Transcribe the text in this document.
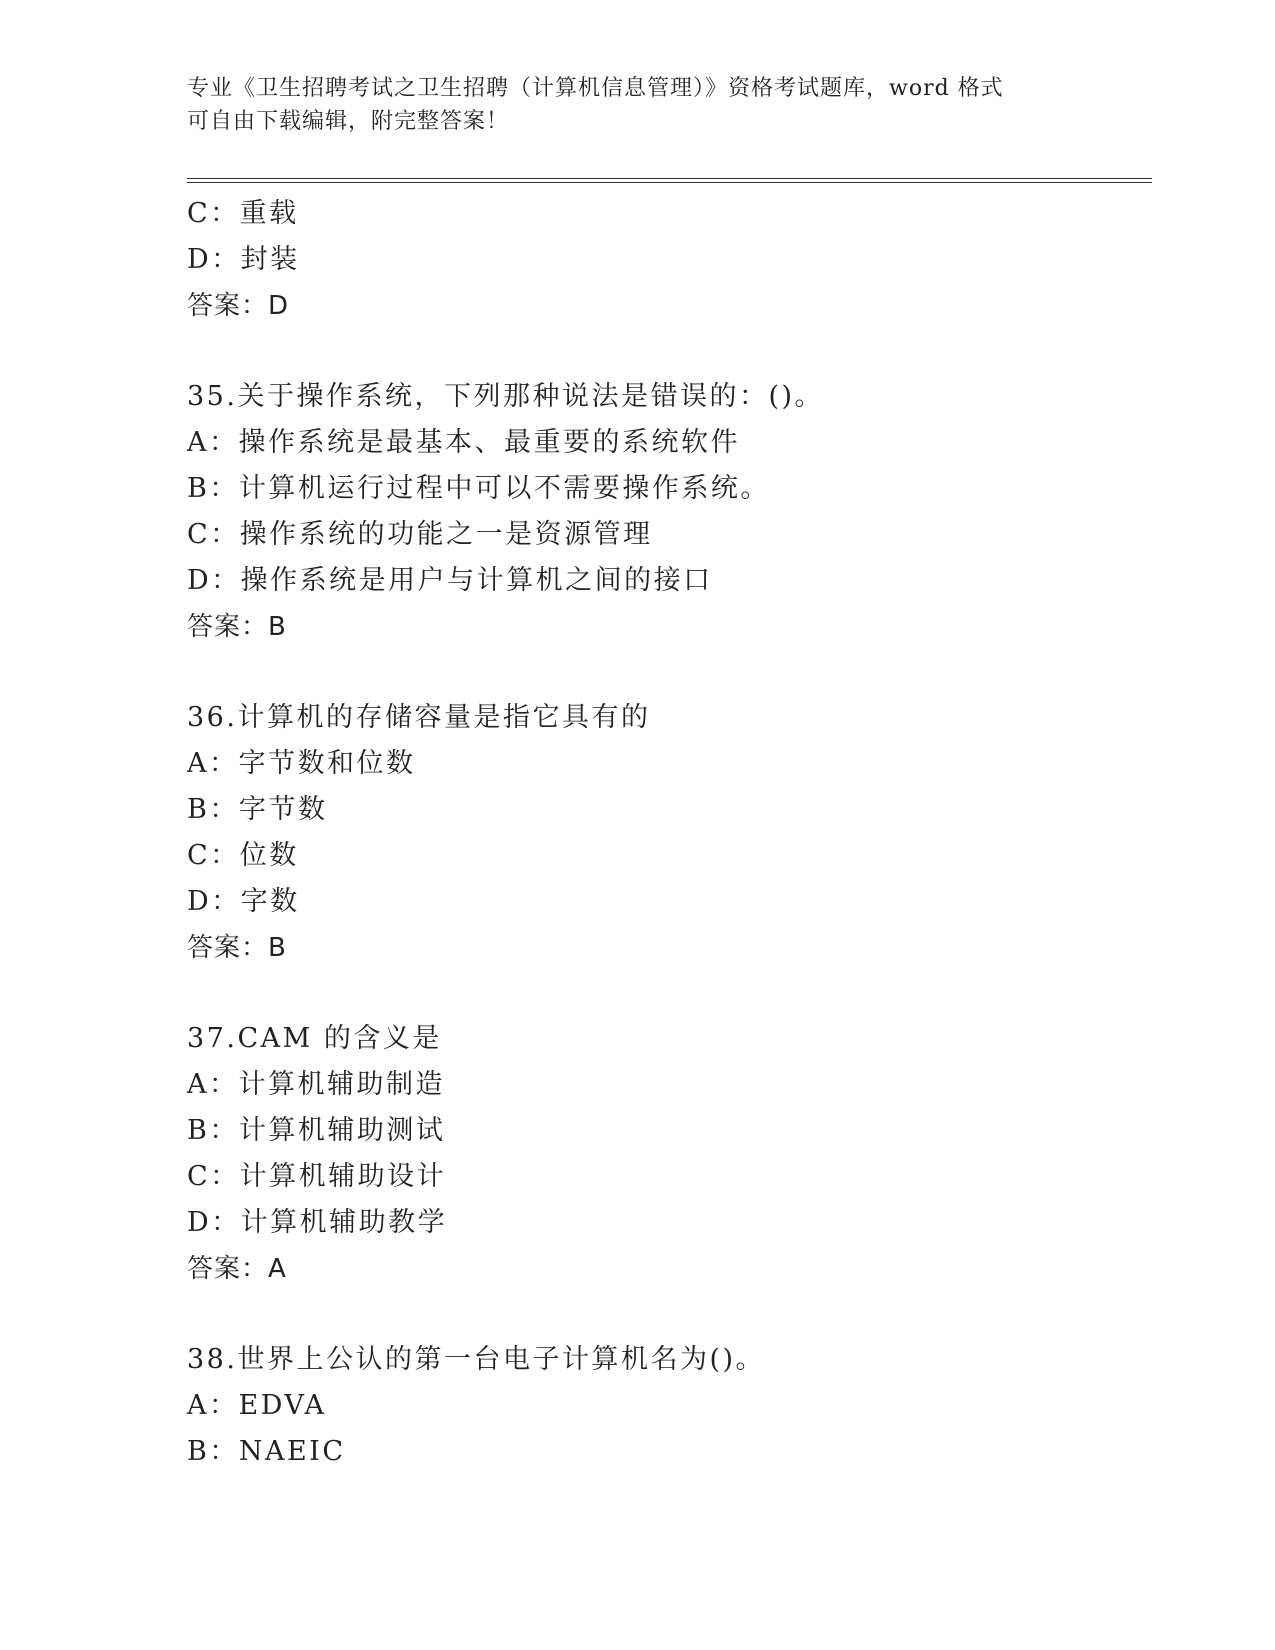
专业《卫生招聘考试之卫生招聘（计算机信息管理）》资格考试题库，word 格式
可自由下载编辑，附完整答案！
C：重载
D：封装
答案：D
35.关于操作系统，下列那种说法是错误的：()。
A：操作系统是最基本、最重要的系统软件
B：计算机运行过程中可以不需要操作系统。
C：操作系统的功能之一是资源管理
D：操作系统是用户与计算机之间的接口
答案：B
36.计算机的存储容量是指它具有的
A：字节数和位数
B：字节数
C：位数
D：字数
答案：B
37.CAM 的含义是
A：计算机辅助制造
B：计算机辅助测试
C：计算机辅助设计
D：计算机辅助教学
答案：A
38.世界上公认的第一台电子计算机名为()。
A：EDVA
B：NAEIC
